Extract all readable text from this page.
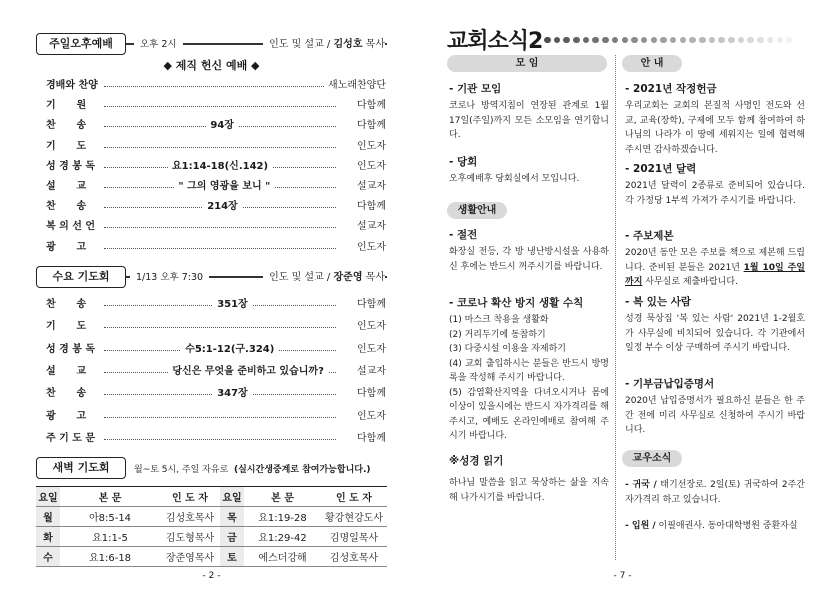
주일오후예배	오후 2시	인도 및 설교 / 김성호 목사
◆ 제직 헌신 예배 ◆
경배와 찬양	새노래찬양단
기      원	다함께
찬      송	94장	다함께
기      도	인도자
성 경 봉 독	요1:14-18(신.142)	인도자
설      교	" 그의 영광을 보니 "	설교자
찬      송	214장	다함께
복 의 선 언	설교자
광      고	인도자
수요 기도회	1/13 오후 7:30	인도 및 설교 / 장준영 목사
찬      송	351장	다함께
기      도	인도자
성 경 봉 독	수5:1-12(구.324)	인도자
설      교	당신은 무엇을 준비하고 있습니까?	설교자
찬      송	347장	다함께
광      고	인도자
주 기 도 문	다함께
새벽 기도회	월~토 5시, 주일 자유로 (실시간생중계로 참여가능합니다.)
요일	본 문	인 도 자	요일	본 문	인 도 자
월	아8:5-14	김성호목사	목	요1:19-28	황강현강도사
화	요1:1-5	김도형목사	금	요1:29-42	김명일목사
수	요1:6-18	장준영목사	토	에스더강해	김성호목사
- 2 -
교회소식2
모 임
- 기관 모임
코로나 방역지침이 연장된 관계로 1월 17일(주일)까지 모든 소모임을 연기합니다.
- 당회
오후예배후 당회실에서 모입니다.
생활안내
- 절전
화장실 전등, 각 방 냉난방시설을 사용하신 후에는 반드시 꺼주시기를 바랍니다.
- 코로나 확산 방지 생활 수칙
(1) 마스크 착용을 생활화
(2) 거리두기에 동참하기
(3) 다중시설 이용을 자제하기
(4) 교회 출입하시는 분들은 반드시 방명록을 작성해 주시기 바랍니다.
(5) 감염확산지역을 다녀오시거나 몸에 이상이 있을시에는 반드시 자가격리를 해주시고, 예배도 온라인예배로 참여해 주시기 바랍니다.
※성경 읽기
하나님 말씀을 읽고 묵상하는 삶을 지속해 나가시기를 바랍니다.
안 내
- 2021년 작정헌금
우리교회는 교회의 본질적 사명인 전도와 선교, 교육(장학), 구제에 모두 함께 참여하여 하나님의 나라가 이 땅에 세워지는 일에 협력해 주시면 감사하겠습니다.
- 2021년 달력
2021년 달력이 2종류로 준비되어 있습니다. 각 가정당 1부씩 가져가 주시기를 바랍니다.
- 주보제본
2020년 동안 모은 주보를 책으로 제본해 드립니다. 준비된 분들은 2021년 1월 10일 주일까지 사무실로 제출바랍니다.
- 복 있는 사람
성경 묵상집 '복 있는 사람' 2021년 1-2월호가 사무실에 비치되어 있습니다. 각 기관에서 일정 부수 이상 구매하여 주시기 바랍니다.
- 기부금납입증명서
2020년 납입증명서가 필요하신 분들은 한 주간 전에 미리 사무실로 신청하여 주시기 바랍니다.
교우소식
- 귀국 / 태기선장로. 2일(토) 귀국하여 2주간 자가격리 하고 있습니다.
- 입원 / 이필애권사. 동아대학병원 중환자실
- 7 -
